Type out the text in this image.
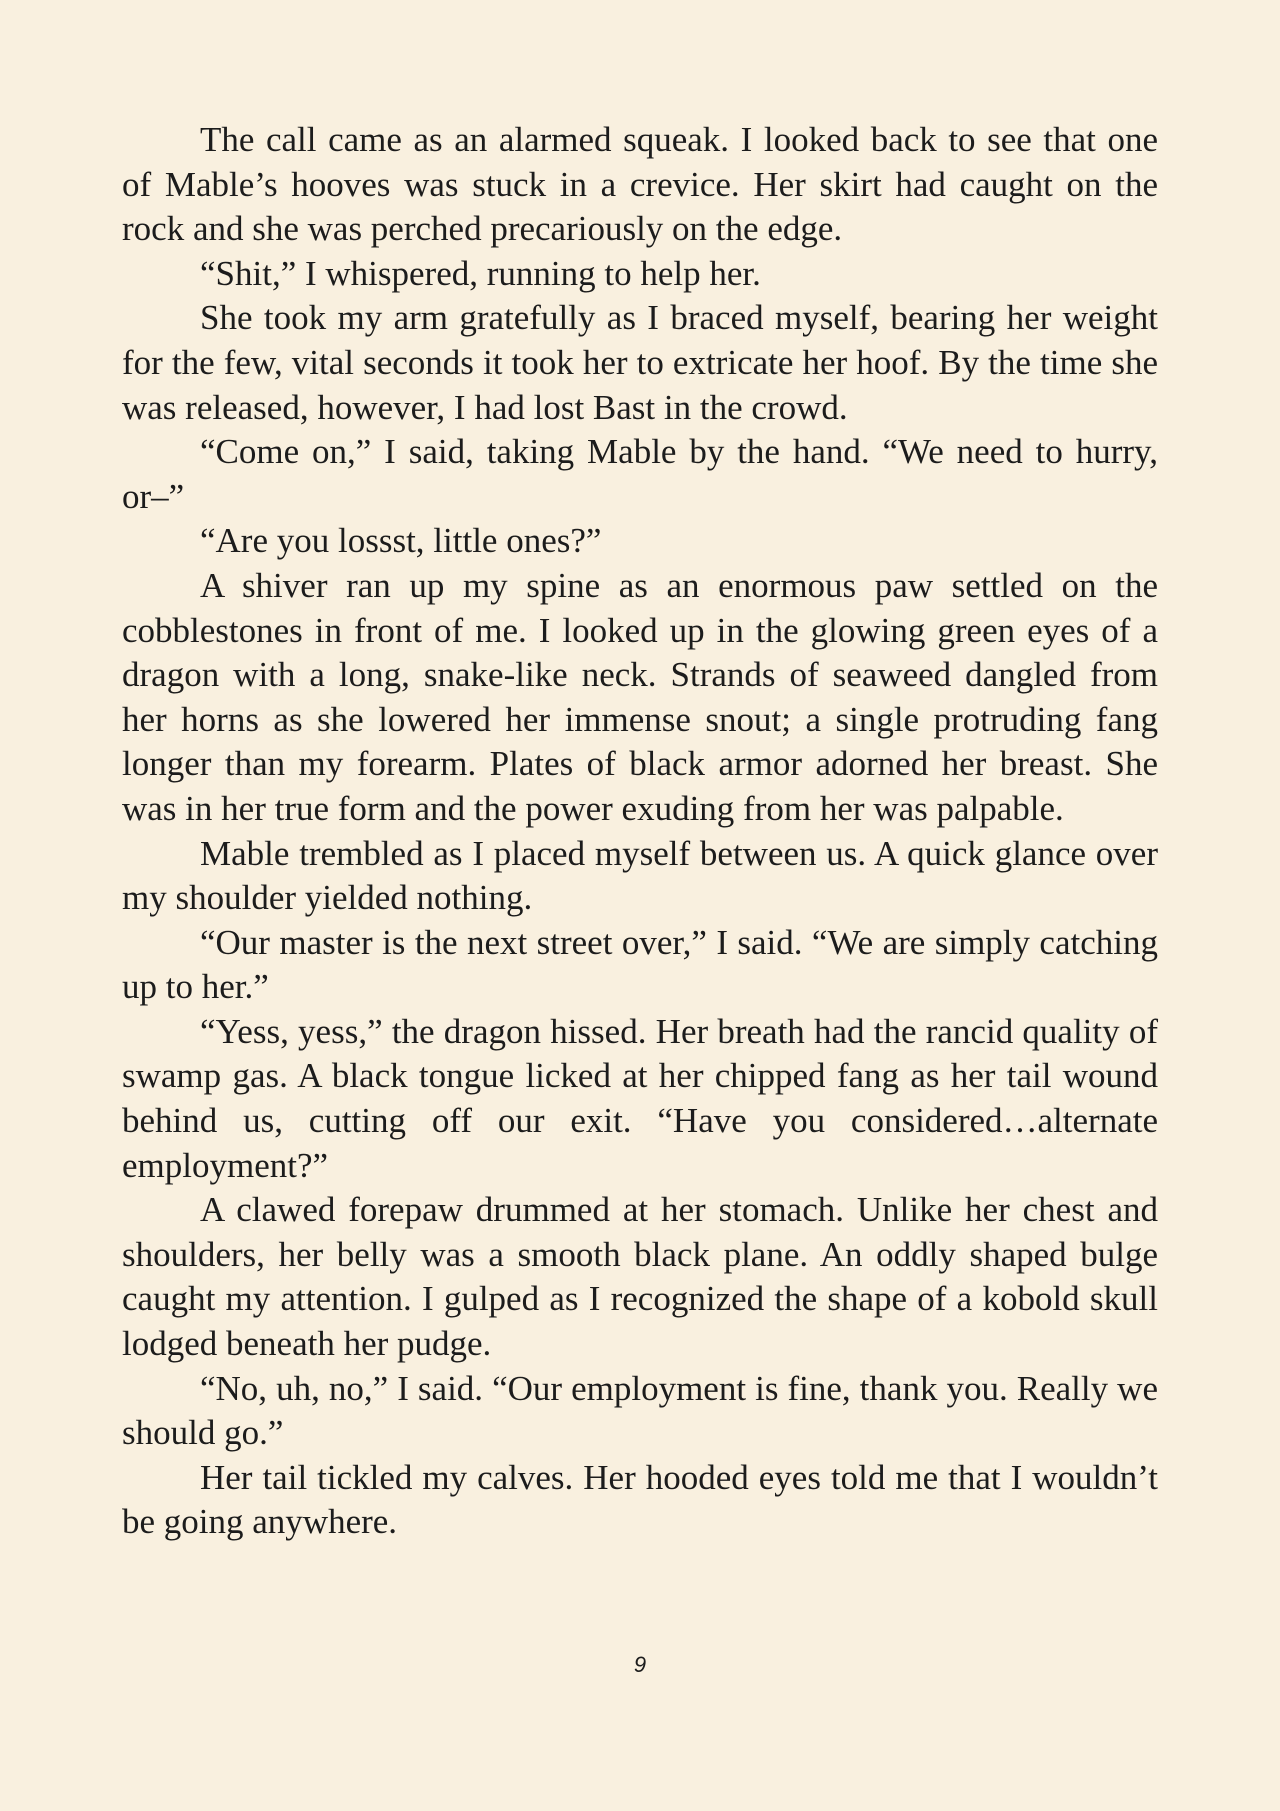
The call came as an alarmed squeak. I looked back to see that one of Mable’s hooves was stuck in a crevice. Her skirt had caught on the rock and she was perched precariously on the edge.

“Shit,” I whispered, running to help her.

She took my arm gratefully as I braced myself, bearing her weight for the few, vital seconds it took her to extricate her hoof. By the time she was released, however, I had lost Bast in the crowd.

“Come on,” I said, taking Mable by the hand. “We need to hurry, or–”

“Are you lossst, little ones?”

A shiver ran up my spine as an enormous paw settled on the cobblestones in front of me. I looked up in the glowing green eyes of a dragon with a long, snake-like neck. Strands of seaweed dangled from her horns as she lowered her immense snout; a single protruding fang longer than my forearm. Plates of black armor adorned her breast. She was in her true form and the power exuding from her was palpable.

Mable trembled as I placed myself between us. A quick glance over my shoulder yielded nothing.

“Our master is the next street over,” I said. “We are simply catching up to her.”

“Yess, yess,” the dragon hissed. Her breath had the rancid quality of swamp gas. A black tongue licked at her chipped fang as her tail wound behind us, cutting off our exit. “Have you considered…alternate employment?”

A clawed forepaw drummed at her stomach. Unlike her chest and shoulders, her belly was a smooth black plane. An oddly shaped bulge caught my attention. I gulped as I recognized the shape of a kobold skull lodged beneath her pudge.

“No, uh, no,” I said. “Our employment is fine, thank you. Really we should go.”

Her tail tickled my calves. Her hooded eyes told me that I wouldn’t be going anywhere.

9
